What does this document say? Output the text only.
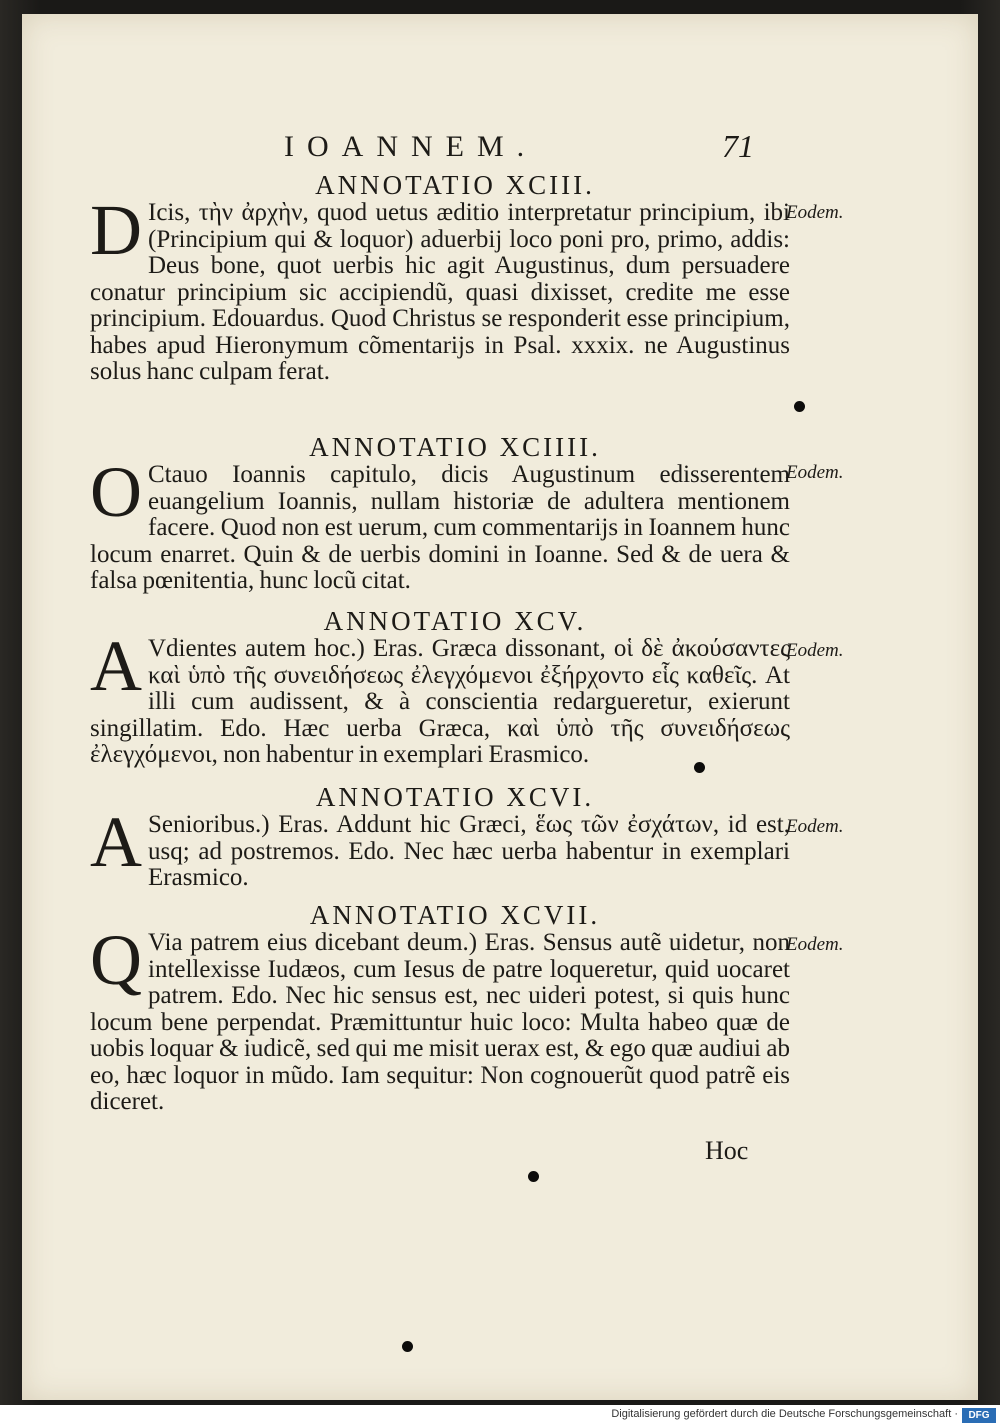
IOANNEM.	71
ANNOTATIO XCIII.
D Icis, τὴν ἀρχὴν, quod uetus æditio interpretatur principium, ibi (Principium qui & loquor) aduerbij loco poni pro, primo, addis: Deus bone, quot uerbis hic agit Augustinus, dum persuadere conatur principium sic accipiendũ, quasi dixisset, credite me esse principium. Edouardus. Quod Christus se responderit esse principium, habes apud Hieronymum cõmentarijs in Psal. xxxix. ne Augustinus solus hanc culpam ferat.
Eodem.
ANNOTATIO XCIIII.
O Ctauo Ioannis capitulo, dicis Augustinum edisserentem euangelium Ioannis, nullam historiæ de adultera mentionem facere. Quod non est uerum, cum commentarijs in Ioannem hunc locum enarret. Quin & de uerbis domini in Ioanne. Sed & de uera & falsa pœnitentia, hunc locũ citat.
Eodem.
ANNOTATIO XCV.
A Vdientes autem hoc.) Eras. Græca dissonant, οἱ δὲ ἀκούσαντες καὶ ὑπὸ τῆς συνειδήσεως ἐλεγχόμενοι ἐξήρχοντο εἷς καθεῖς. At illi cum audissent, & à conscientia redargueretur, exierunt singillatim. Edo. Hæc uerba Græca, καὶ ὑπὸ τῆς συνειδήσεως ἐλεγχόμενοι, non habentur in exemplari Erasmico.
Eodem.
ANNOTATIO XCVI.
A Senioribus.) Eras. Addunt hic Græci, ἕως τῶν ἐσχάτων, id est, usq; ad postremos. Edo. Nec hæc uerba habentur in exemplari Erasmico.
Eodem.
ANNOTATIO XCVII.
Q Via patrem eius dicebant deum.) Eras. Sensus autẽ uidetur, non intellexisse Iudæos, cum Iesus de patre loqueretur, quid uocaret patrem. Edo. Nec hic sensus est, nec uideri potest, si quis hunc locum bene perpendat. Præmittuntur huic loco: Multa habeo quæ de uobis loquar & iudicẽ, sed qui me misit uerax est, & ego quæ audiui ab eo, hæc loquor in mũdo. Iam sequitur: Non cognouerũt quod patrẽ eis diceret.
Eodem.
Hoc
Digitalisierung gefördert durch die Deutsche Forschungsgemeinschaft ·	DFG
